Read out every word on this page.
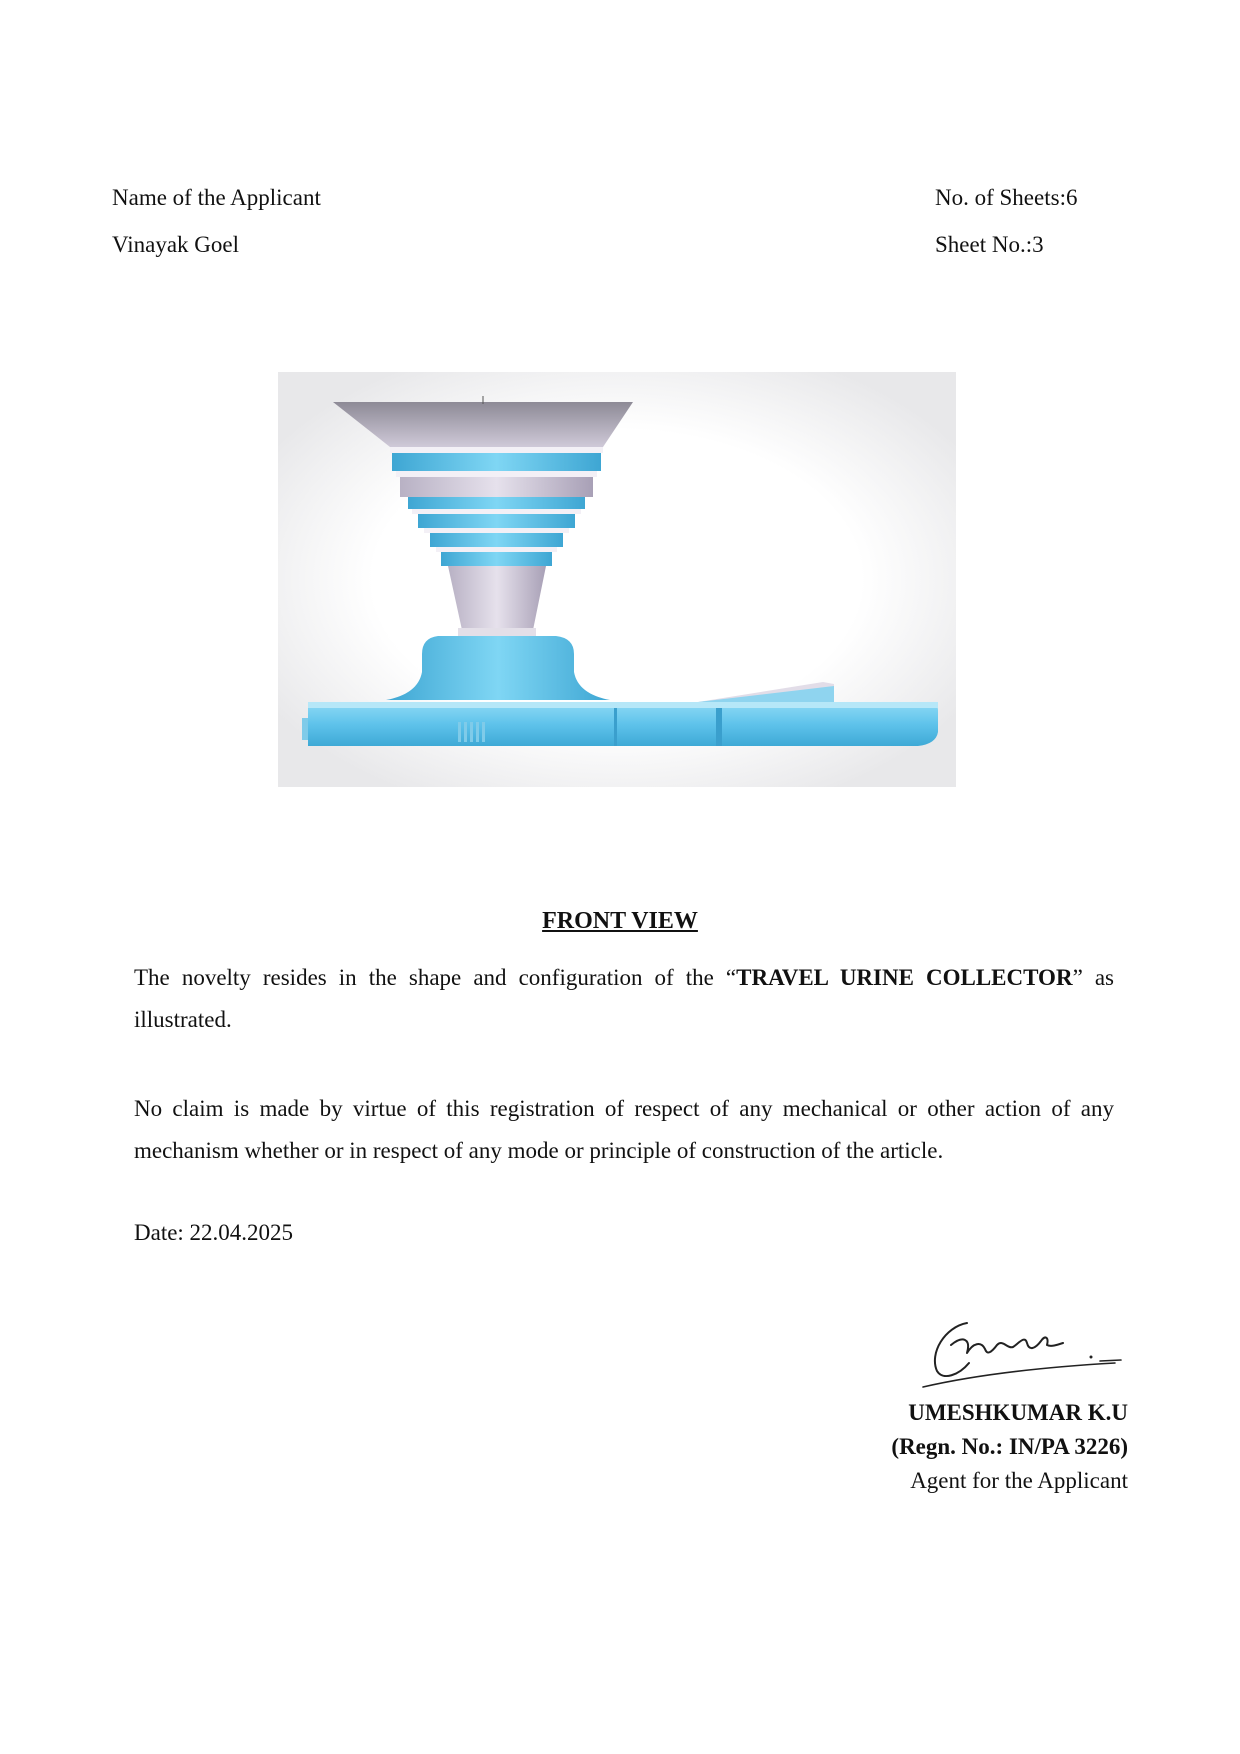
Name of the Applicant
Vinayak Goel
No. of Sheets:6
Sheet No.:3
FRONT VIEW
The novelty resides in the shape and configuration of the “TRAVEL URINE COLLECTOR” as illustrated.
No claim is made by virtue of this registration of respect of any mechanical or other action of any mechanism whether or in respect of any mode or principle of construction of the article.
Date: 22.04.2025
UMESHKUMAR K.U
(Regn. No.: IN/PA 3226)
Agent for the Applicant
